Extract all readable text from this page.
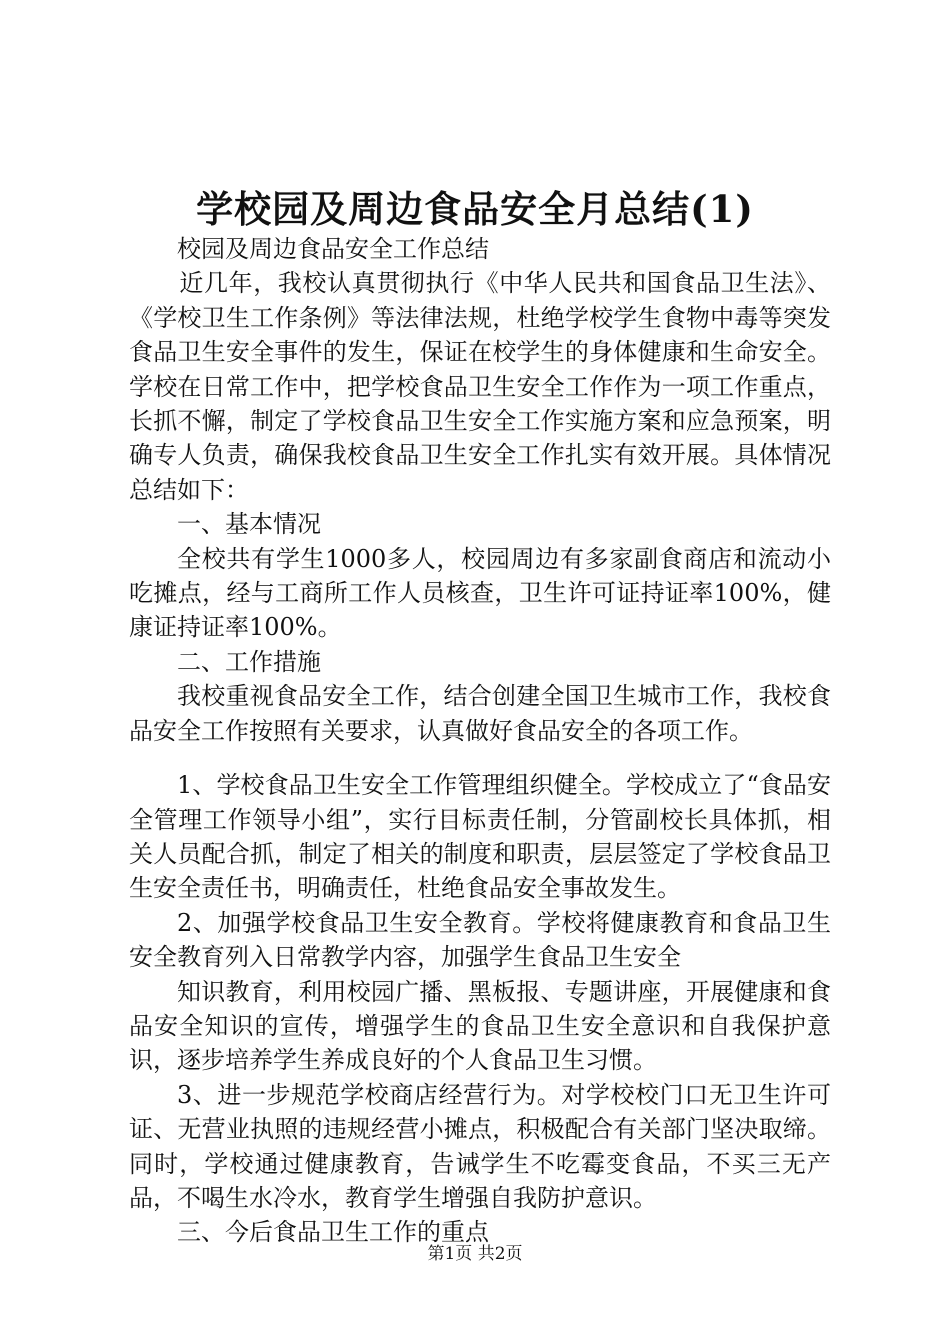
学校园及周边食品安全月总结(1)

校园及周边食品安全工作总结

近几年，我校认真贯彻执行《中华人民共和国食品卫生法》、《学校卫生工作条例》等法律法规，杜绝学校学生食物中毒等突发食品卫生安全事件的发生，保证在校学生的身体健康和生命安全。学校在日常工作中，把学校食品卫生安全工作作为一项工作重点，长抓不懈，制定了学校食品卫生安全工作实施方案和应急预案，明确专人负责，确保我校食品卫生安全工作扎实有效开展。具体情况总结如下：

一、基本情况

全校共有学生1000多人，校园周边有多家副食商店和流动小吃摊点，经与工商所工作人员核查，卫生许可证持证率100%，健康证持证率100%。

二、工作措施

我校重视食品安全工作，结合创建全国卫生城市工作，我校食品安全工作按照有关要求，认真做好食品安全的各项工作。

1、学校食品卫生安全工作管理组织健全。学校成立了“食品安全管理工作领导小组”，实行目标责任制，分管副校长具体抓，相关人员配合抓，制定了相关的制度和职责，层层签定了学校食品卫生安全责任书，明确责任，杜绝食品安全事故发生。

2、加强学校食品卫生安全教育。学校将健康教育和食品卫生安全教育列入日常教学内容，加强学生食品卫生安全

知识教育，利用校园广播、黑板报、专题讲座，开展健康和食品安全知识的宣传，增强学生的食品卫生安全意识和自我保护意识，逐步培养学生养成良好的个人食品卫生习惯。

3、进一步规范学校商店经营行为。对学校校门口无卫生许可证、无营业执照的违规经营小摊点，积极配合有关部门坚决取缔。同时，学校通过健康教育，告诫学生不吃霉变食品，不买三无产品，不喝生水冷水，教育学生增强自我防护意识。

三、今后食品卫生工作的重点

第1页 共2页
